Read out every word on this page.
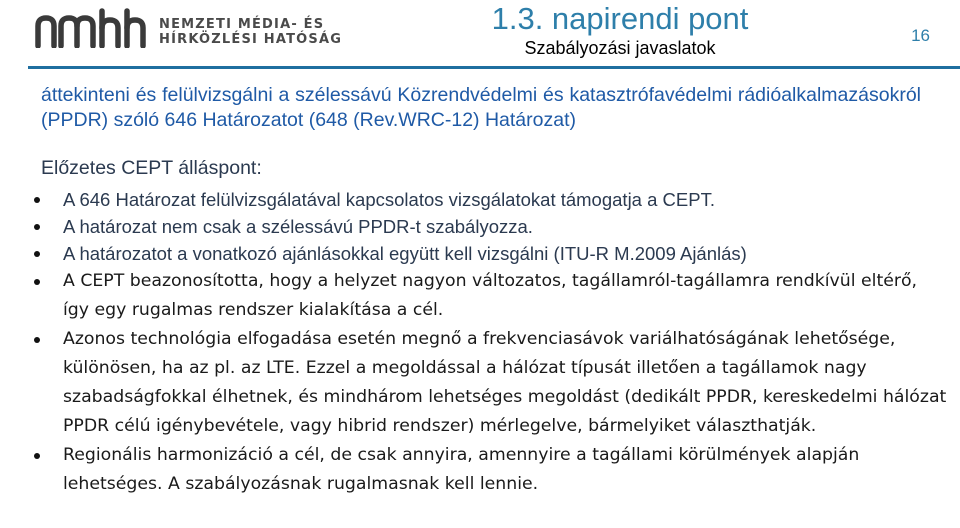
NEMZETI MÉDIA- ÉS
HÍRKÖZLÉSI HATÓSÁG
1.3. napirendi pont
Szabályozási javaslatok
16
áttekinteni és felülvizsgálni a szélessávú Közrendvédelmi és katasztrófavédelmi rádióalkalmazásokról (PPDR) szóló 646 Határozatot (648 (Rev.WRC-12) Határozat)
Előzetes CEPT álláspont:
A 646 Határozat felülvizsgálatával kapcsolatos vizsgálatokat támogatja a CEPT.
A határozat nem csak a szélessávú PPDR-t szabályozza.
A határozatot a vonatkozó ajánlásokkal együtt kell vizsgálni (ITU-R M.2009 Ajánlás)
A CEPT beazonosította, hogy a helyzet nagyon változatos, tagállamról-tagállamra rendkívül eltérő, így egy rugalmas rendszer kialakítása a cél.
Azonos technológia elfogadása esetén megnő a frekvenciasávok variálhatóságának lehetősége, különösen, ha az pl. az LTE. Ezzel a megoldással a hálózat típusát illetően a tagállamok nagy szabadságfokkal élhetnek, és mindhárom lehetséges megoldást (dedikált PPDR, kereskedelmi hálózat PPDR célú igénybevétele, vagy hibrid rendszer) mérlegelve, bármelyiket választhatják.
Regionális harmonizáció a cél, de csak annyira, amennyire a tagállami körülmények alapján lehetséges. A szabályozásnak rugalmasnak kell lennie.
